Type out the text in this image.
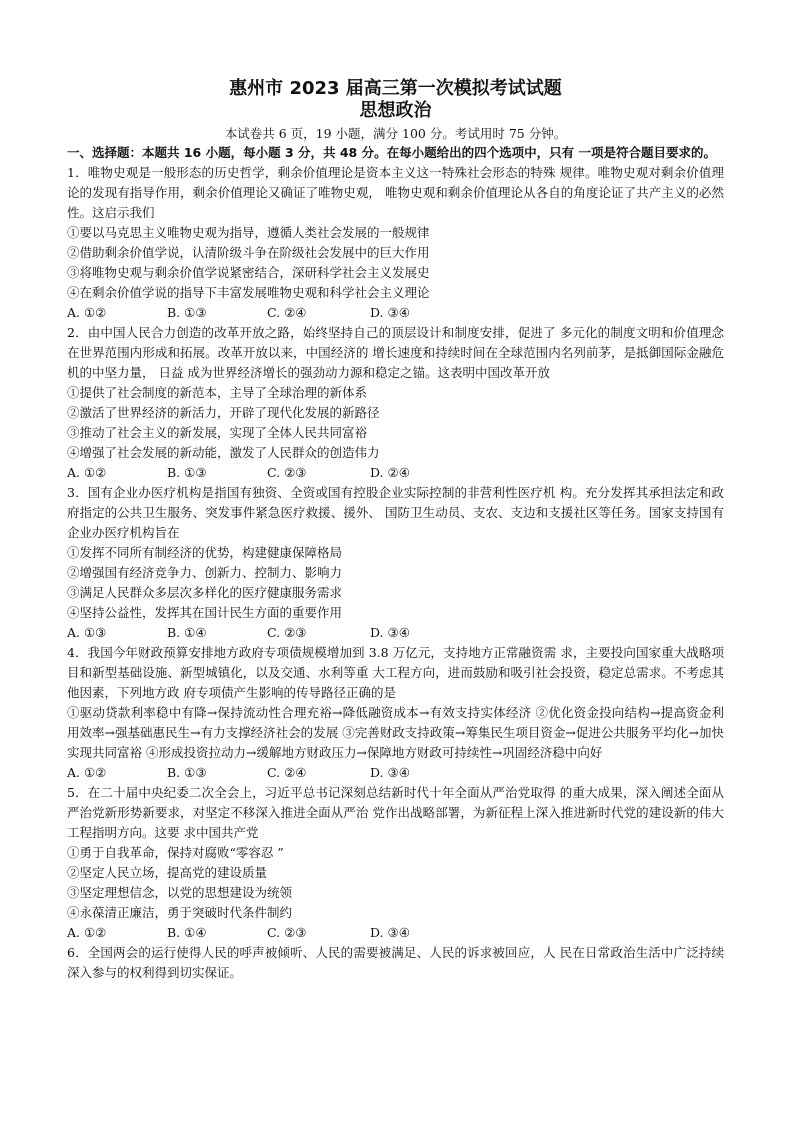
惠州市 2023 届高三第一次模拟考试试题

思想政治

本试卷共 6 页，19 小题，满分 100 分。考试用时 75 分钟。

一、选择题：本题共 16 小题，每小题 3 分，共 48 分。在每小题给出的四个选项中，只有 一项是符合题目要求的。

1．唯物史观是一般形态的历史哲学，剩余价值理论是资本主义这一特殊社会形态的特殊 规律。唯物史观对剩余价值理论的发现有指导作用，剩余价值理论又确证了唯物史观， 唯物史观和剩余价值理论从各自的角度论证了共产主义的必然性。这启示我们

①要以马克思主义唯物史观为指导，遵循人类社会发展的一般规律

②借助剩余价值学说，认清阶级斗争在阶级社会发展中的巨大作用

③将唯物史观与剩余价值学说紧密结合，深研科学社会主义发展史

④在剩余价值学说的指导下丰富发展唯物史观和科学社会主义理论

A. ①②	B. ①③	C. ②④	D. ③④

2．由中国人民合力创造的改革开放之路，始终坚持自己的顶层设计和制度安排，促进了 多元化的制度文明和价值理念在世界范围内形成和拓展。改革开放以来，中国经济的 增长速度和持续时间在全球范围内名列前茅，是抵御国际金融危机的中坚力量， 日益 成为世界经济增长的强劲动力源和稳定之锚。这表明中国改革开放

①提供了社会制度的新范本，主导了全球治理的新体系

②激活了世界经济的新活力，开辟了现代化发展的新路径

③推动了社会主义的新发展，实现了全体人民共同富裕

④增强了社会发展的新动能，激发了人民群众的创造伟力

A. ①②	B. ①③	C. ②③	D. ②④

3．国有企业办医疗机构是指国有独资、全资或国有控股企业实际控制的非营利性医疗机 构。充分发挥其承担法定和政府指定的公共卫生服务、突发事件紧急医疗救援、援外、 国防卫生动员、支农、支边和支援社区等任务。国家支持国有企业办医疗机构旨在

①发挥不同所有制经济的优势，构建健康保障格局

②增强国有经济竞争力、创新力、控制力、影响力

③满足人民群众多层次多样化的医疗健康服务需求

④坚持公益性，发挥其在国计民生方面的重要作用

A. ①③	B. ①④	C. ②③	D. ③④

4．我国今年财政预算安排地方政府专项债规模增加到 3.8 万亿元，支持地方正常融资需 求，主要投向国家重大战略项目和新型基础设施、新型城镇化，以及交通、水利等重 大工程方向，进而鼓励和吸引社会投资，稳定总需求。不考虑其他因素，下列地方政 府专项债产生影响的传导路径正确的是

①驱动贷款利率稳中有降→保持流动性合理充裕→降低融资成本→有效支持实体经济 ②优化资金投向结构→提高资金利用效率→强基础惠民生→有力支撑经济社会的发展 ③完善财政支持政策→筹集民生项目资金→促进公共服务平均化→加快实现共同富裕 ④形成投资拉动力→缓解地方财政压力→保障地方财政可持续性→巩固经济稳中向好

A. ①②	B. ①③	C. ②④	D. ③④

5．在二十届中央纪委二次全会上，习近平总书记深刻总结新时代十年全面从严治党取得 的重大成果，深入阐述全面从严治党新形势新要求，对坚定不移深入推进全面从严治 党作出战略部署，为新征程上深入推进新时代党的建设新的伟大工程指明方向。这要 求中国共产党

①勇于自我革命，保持对腐败“零容忍 ”

②坚定人民立场，提高党的建设质量

③坚定理想信念，以党的思想建设为统领

④永葆清正廉洁，勇于突破时代条件制约

A. ①②	B. ①④	C. ②③	D. ③④

6．全国两会的运行使得人民的呼声被倾听、人民的需要被满足、人民的诉求被回应，人 民在日常政治生活中广泛持续深入参与的权利得到切实保证。
